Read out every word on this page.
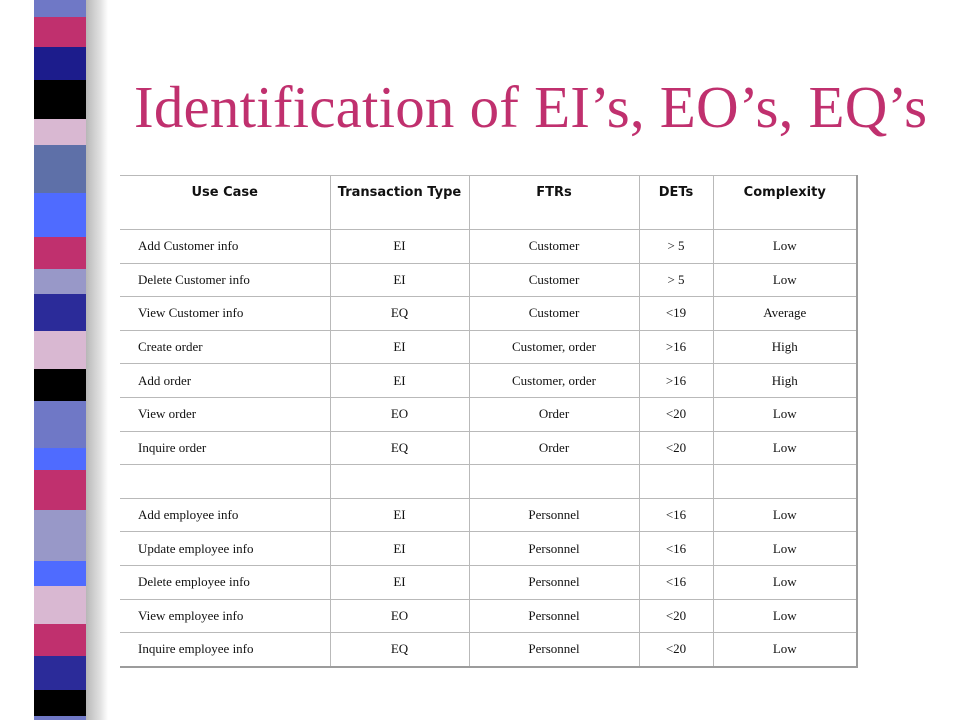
Identification of EI’s, EO’s, EQ’s
Use Case	Transaction Type	FTRs	DETs	Complexity
Add Customer info	EI	Customer	> 5	Low
Delete Customer info	EI	Customer	> 5	Low
View Customer info	EQ	Customer	<19	Average
Create order	EI	Customer, order	>16	High
Add order	EI	Customer, order	>16	High
View order	EO	Order	<20	Low
Inquire order	EQ	Order	<20	Low

Add employee info	EI	Personnel	<16	Low
Update employee info	EI	Personnel	<16	Low
Delete employee info	EI	Personnel	<16	Low
View employee info	EO	Personnel	<20	Low
Inquire employee info	EQ	Personnel	<20	Low
